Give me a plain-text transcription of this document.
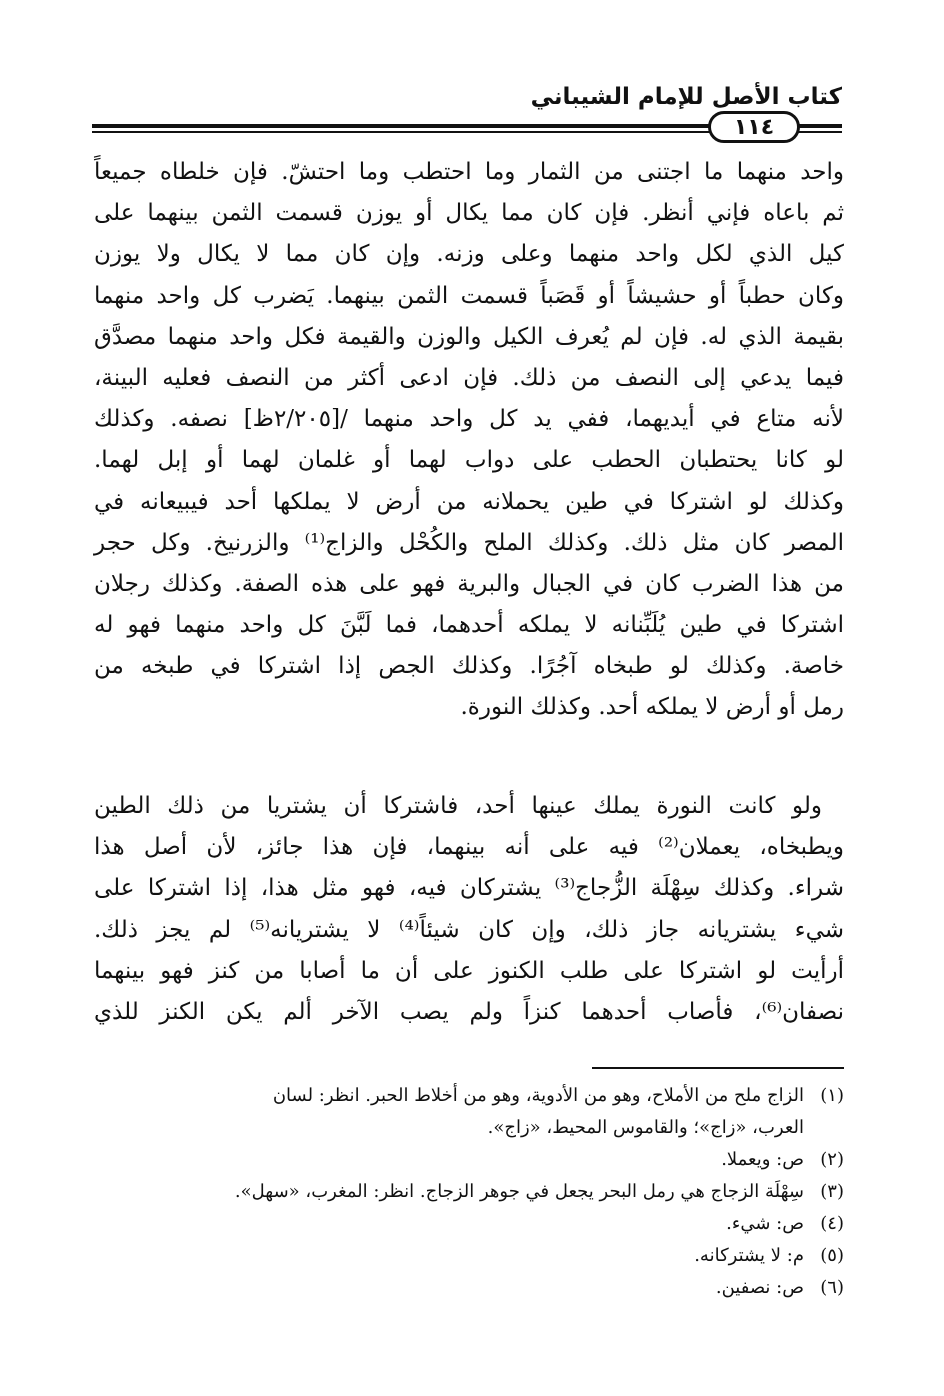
كتاب الأصل للإمام الشيباني
١١٤
واحد منهما ما اجتنى من الثمار وما احتطب وما احتشّ. فإن خلطاه جميعاً
ثم باعاه فإني أنظر. فإن كان مما يكال أو يوزن قسمت الثمن بينهما على
كيل الذي لكل واحد منهما وعلى وزنه. وإن كان مما لا يكال ولا يوزن
وكان حطباً أو حشيشاً أو قَصَباً قسمت الثمن بينهما. يَضرب كل واحد منهما
بقيمة الذي له. فإن لم يُعرف الكيل والوزن والقيمة فكل واحد منهما مصدَّق
فيما يدعي إلى النصف من ذلك. فإن ادعى أكثر من النصف فعليه البينة،
لأنه متاع في أيديهما، ففي يد كل واحد منهما /[٢/٢٠٥ظ] نصفه. وكذلك
لو كانا يحتطبان الحطب على دواب لهما أو غلمان لهما أو إبل لهما.
وكذلك لو اشتركا في طين يحملانه من أرض لا يملكها أحد فيبيعانه في
المصر كان مثل ذلك. وكذلك الملح والكُحْل والزاج⁽¹⁾ والزرنيخ. وكل حجر
من هذا الضرب كان في الجبال والبرية فهو على هذه الصفة. وكذلك رجلان
اشتركا في طين يُلَبِّنانه لا يملكه أحدهما، فما لَبَّنَ كل واحد منهما فهو له
خاصة. وكذلك لو طبخاه آجُرًا. وكذلك الجص إذا اشتركا في طبخه من
رمل أو أرض لا يملكه أحد. وكذلك النورة.
ولو كانت النورة يملك عينها أحد، فاشتركا أن يشتريا من ذلك الطين
ويطبخاه، يعملان⁽²⁾ فيه على أنه بينهما، فإن هذا جائز، لأن أصل هذا
شراء. وكذلك سِهْلَة الزُّجاج⁽³⁾ يشتركان فيه، فهو مثل هذا، إذا اشتركا على
شيء يشتريانه جاز ذلك، وإن كان شيئاً⁽⁴⁾ لا يشتريانه⁽⁵⁾ لم يجز ذلك.
أرأيت لو اشتركا على طلب الكنوز على أن ما أصابا من كنز فهو بينهما
نصفان⁽⁶⁾، فأصاب أحدهما كنزاً ولم يصب الآخر ألم يكن الكنز للذي
(١)الزاج ملح من الأملاح، وهو من الأدوية، وهو من أخلاط الحبر. انظر: لسان
العرب، «زاج»؛ والقاموس المحيط، «زاج».
(٢)ص: ويعملا.
(٣)سِهْلَة الزجاج هي رمل البحر يجعل في جوهر الزجاج. انظر: المغرب، «سهل».
(٤)ص: شيء.
(٥)م: لا يشتركانه.
(٦)ص: نصفين.
